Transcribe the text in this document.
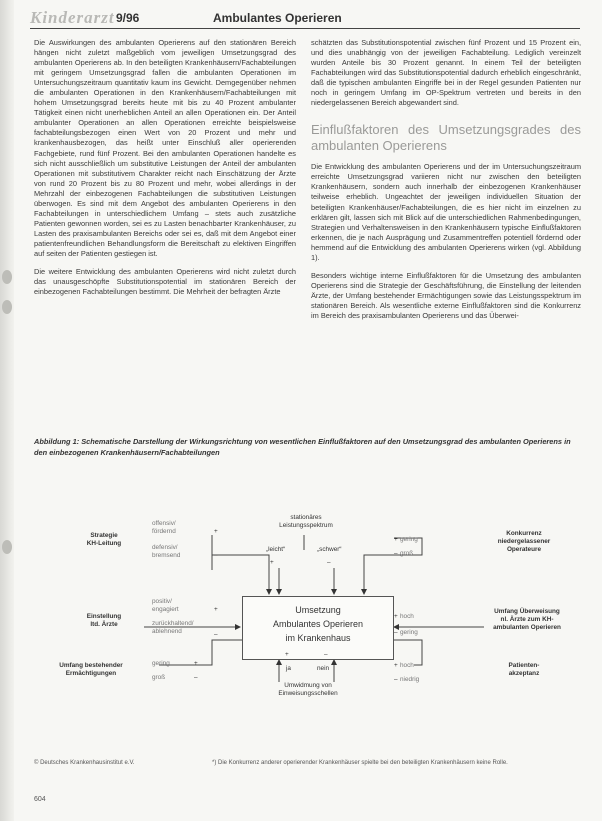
Kinderarzt 9/96	Ambulantes Operieren

Die Auswirkungen des ambulanten Operierens auf den stationären Bereich hängen nicht zuletzt maßgeblich vom jeweiligen Umsetzungsgrad des ambulanten Operierens ab. In den beteiligten Krankenhäusern/Fachabteilungen mit geringem Umsetzungsgrad fallen die ambulanten Operationen im Untersuchungszeitraum quantitativ kaum ins Gewicht. Demgegenüber nehmen die ambulanten Operationen in den Krankenhäusern/Fachabteilungen mit hohem Umsetzungsgrad bereits heute mit bis zu 40 Prozent ambulanter Tätigkeit einen nicht unerheblichen Anteil an allen Operationen ein. Der Anteil ambulanter Operationen an allen Operationen erreichte beispielsweise fachabteilungsbezogen einen Wert von 20 Prozent und mehr und krankenhausbezogen, das heißt unter Einschluß aller operierenden Fachgebiete, rund fünf Prozent. Bei den ambulanten Operationen handelte es sich nicht ausschließlich um substitutive Leistungen der Anteil der ambulanten Operationen mit substitutivem Charakter reicht nach Einschätzung der Ärzte von rund 20 Prozent bis zu 80 Prozent und mehr, wobei allerdings in der Mehrzahl der einbezogenen Fachabteilungen die substitutiven Leistungen überwogen. Es sind mit dem Angebot des ambulanten Operierens in den Fachabteilungen in unterschiedlichem Umfang – stets auch zusätzliche Patienten gewonnen worden, sei es zu Lasten benachbarter Krankenhäuser, zu Lasten des praxisambulanten Bereichs oder sei es, daß mit dem Angebot einer patientenfreundlichen Behandlungsform die Bereitschaft zu elektiven Eingriffen auf seiten der Patienten gestiegen ist.

Die weitere Entwicklung des ambulanten Operierens wird nicht zuletzt durch das unausgeschöpfte Substitutionspotential im stationären Bereich der einbezogenen Fachabteilungen bestimmt. Die Mehrheit der befragten Ärzte

schätzten das Substitutionspotential zwischen fünf Prozent und 15 Prozent ein, und dies unabhängig von der jeweiligen Fachabteilung. Lediglich vereinzelt wurden Anteile bis 30 Prozent genannt. In einem Teil der beteiligten Fachabteilungen wird das Substitutionspotential dadurch erheblich eingeschränkt, daß die typischen ambulanten Eingriffe bei in der Regel gesunden Patienten nur noch in geringem Umfang im OP-Spektrum vertreten und bereits in den niedergelassenen Bereich abgewandert sind.

Einflußfaktoren des Umsetzungsgrades des ambulanten Operierens

Die Entwicklung des ambulanten Operierens und der im Untersuchungszeitraum erreichte Umsetzungsgrad variieren nicht nur zwischen den beteiligten Krankenhäusern, sondern auch innerhalb der einbezogenen Krankenhäuser teilweise erheblich. Ungeachtet der jeweiligen individuellen Situation der beteiligten Krankenhäuser/Fachabteilungen, die es hier nicht im einzelnen zu erklären gilt, lassen sich mit Blick auf die unterschiedlichen Rahmenbedingungen, Strategien und Verhaltensweisen in den Krankenhäusern typische Einflußfaktoren erkennen, die je nach Ausprägung und Zusammentreffen potentiell fördernd oder hemmend auf die Entwicklung des ambulanten Operierens wirken (vgl. Abbildung 1).

Besonders wichtige interne Einflußfaktoren für die Umsetzung des ambulanten Operierens sind die Strategie der Geschäftsführung, die Einstellung der leitenden Ärzte, der Umfang bestehender Ermächtigungen sowie das Leistungsspektrum im stationären Bereich. Als wesentliche externe Einflußfaktoren sind die Konkurrenz im Bereich des praxisambulanten Operierens und das Überwei-

Abbildung 1: Schematische Darstellung der Wirkungsrichtung von wesentlichen Einflußfaktoren auf den Umsetzungsgrad des ambulanten Operierens in den einbezogenen Krankenhäusern/Fachabteilungen
stationäres
Leistungsspektrum
„leicht“	„schwer“
+	–
Strategie
KH-Leitung
offensiv/
fördernd
defensiv/
bremsend
+
–
Einstellung
ltd. Ärzte
positiv/
engagiert
zurückhaltend/
ablehnend
+
–
Umfang bestehender
Ermächtigungen
gering
groß
+
–
Umsetzung
Ambulantes Operieren
im Krankenhaus
+ gering
– groß
Konkurrenz
niedergelassener
Operateure
+ hoch
– gering
Umfang Überweisung
nl. Ärzte zum KH-
ambulanten Operieren
+ hoch
– niedrig
Patienten-
akzeptanz
+	–
ja	nein
Umwidmung von
Einweisungsschellen
© Deutsches Krankenhausinstitut e.V.	*) Die Konkurrenz anderer operierender Krankenhäuser spielte bei den beteiligten Krankenhäusern keine Rolle.
604
